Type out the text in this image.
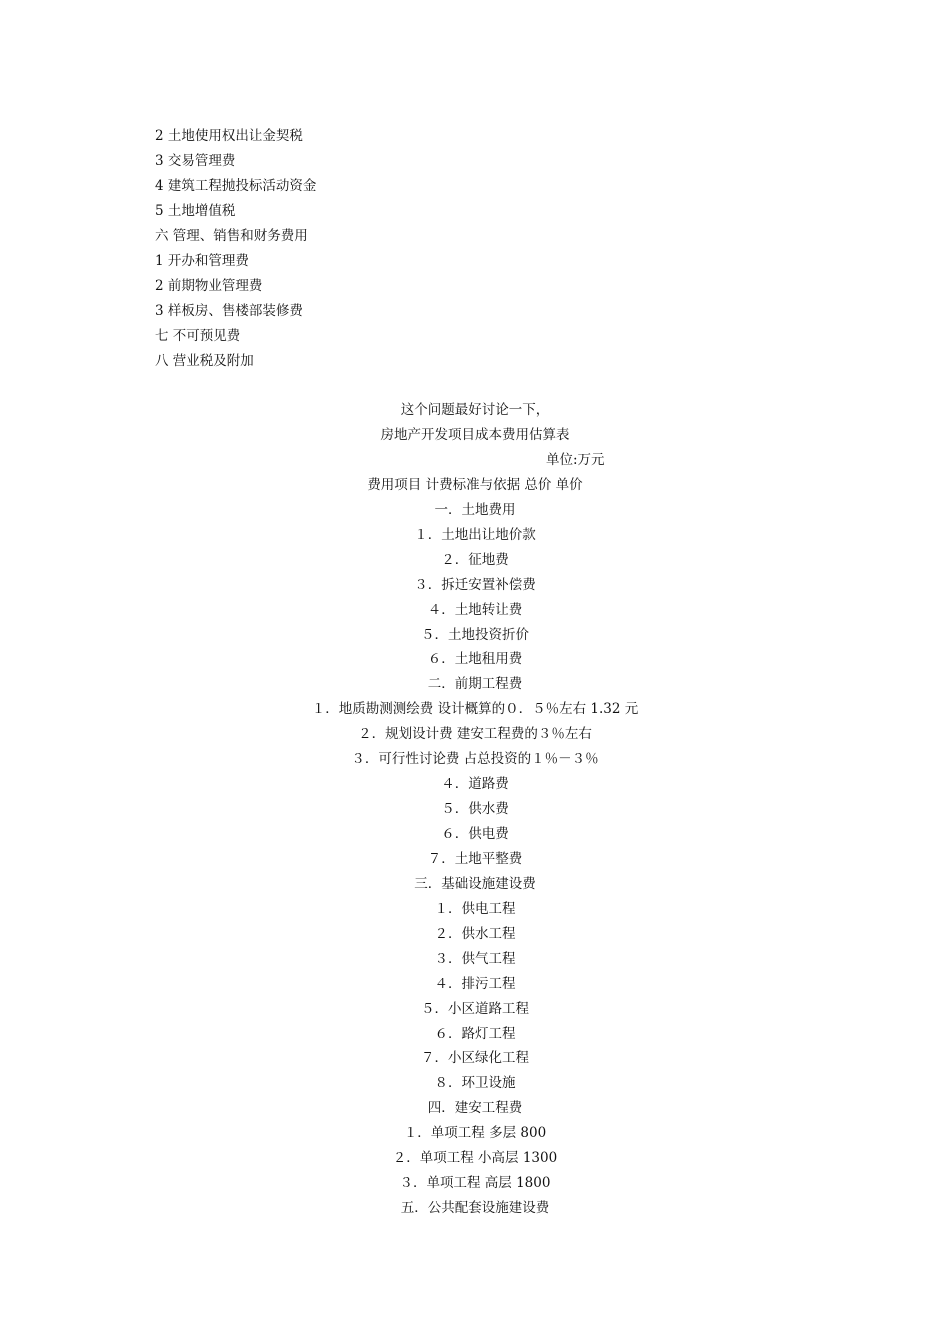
2 土地使用权出让金契税
3 交易管理费
4 建筑工程抛投标活动资金
5 土地增值税
六 管理、销售和财务费用
1 开办和管理费
2 前期物业管理费
3 样板房、售楼部装修费
七 不可预见费
八 营业税及附加
这个问题最好讨论一下，
房地产开发项目成本费用估算表
单位:万元
费用项目 计费标准与依据 总价 单价
一．土地费用
１．土地出让地价款
２．征地费
３．拆迁安置补偿费
４．土地转让费
５．土地投资折价
６．土地租用费
二．前期工程费
１．地质勘测测绘费 设计概算的０．５％左右 1.32 元
２．规划设计费 建安工程费的３％左右
３．可行性讨论费 占总投资的１％－３％
４．道路费
５．供水费
６．供电费
７．土地平整费
三．基础设施建设费
１．供电工程
２．供水工程
３．供气工程
４．排污工程
５．小区道路工程
６．路灯工程
７．小区绿化工程
８．环卫设施
四．建安工程费
１．单项工程 多层 800
２．单项工程 小高层 1300
３．单项工程 高层 1800
五．公共配套设施建设费
